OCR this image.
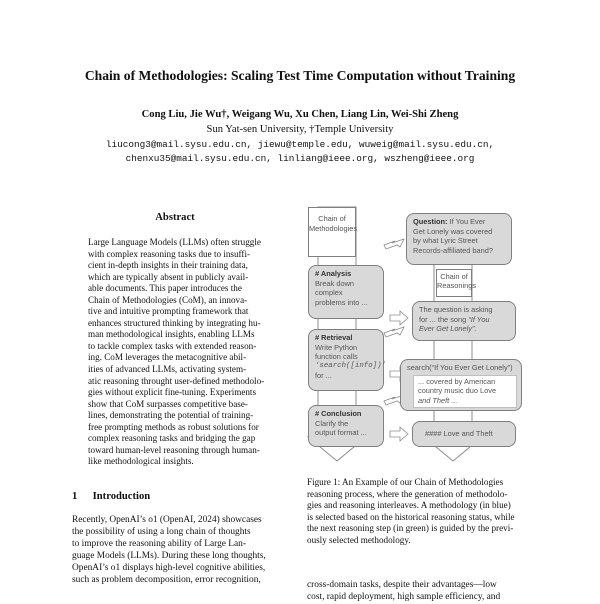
Chain of Methodologies: Scaling Test Time Computation without Training
Cong Liu, Jie Wu†, Weigang Wu, Xu Chen, Liang Lin, Wei-Shi Zheng
Sun Yat-sen University, †Temple University
liucong3@mail.sysu.edu.cn, jiewu@temple.edu, wuweig@mail.sysu.edu.cn,
chenxu35@mail.sysu.edu.cn, linliang@ieee.org, wszheng@ieee.org
Abstract
Large Language Models (LLMs) often struggle
with complex reasoning tasks due to insuffi-
cient in-depth insights in their training data,
which are typically absent in publicly avail-
able documents. This paper introduces the
Chain of Methodologies (CoM), an innova-
tive and intuitive prompting framework that
enhances structured thinking by integrating hu-
man methodological insights, enabling LLMs
to tackle complex tasks with extended reason-
ing. CoM leverages the metacognitive abil-
ities of advanced LLMs, activating system-
atic reasoning throught user-defined methodolo-
gies without explicit fine-tuning. Experiments
show that CoM surpasses competitive base-
lines, demonstrating the potential of training-
free prompting methods as robust solutions for
complex reasoning tasks and bridging the gap
toward human-level reasoning through human-
like methodological insights.
1 Introduction
Recently, OpenAI’s o1 (OpenAI, 2024) showcases
the possibility of using a long chain of thoughts
to improve the reasoning ability of Large Lan-
guage Models (LLMs). During these long thoughts,
OpenAI’s o1 displays high-level cognitive abilities,
such as problem decomposition, error recognition,
Chain of
Methodologies
Question: If You Ever
Get Lonely was covered
by what Lyric Street
Records-affiliated band?
Chain of
Reasonings
# Analysis
Break down
complex
problems into ...
The question is asking
for ... the song “If You
Ever Get Lonely”.
# Retrieval
Write Python
function calls
‘search([info])’
for ...
search(“If You Ever Get Lonely”)
... covered by American
country music duo Love
and Theft ...
# Conclusion
Clarify the
output format ...	#### Love and Theft
Figure 1: An Example of our Chain of Methodologies
reasoning process, where the generation of methodolo-
gies and reasoning interleaves. A methodology (in blue)
is selected based on the historical reasoning status, while
the next reasoning step (in green) is guided by the previ-
ously selected methodology.
cross-domain tasks, despite their advantages—low
cost, rapid deployment, high sample efficiency, and
